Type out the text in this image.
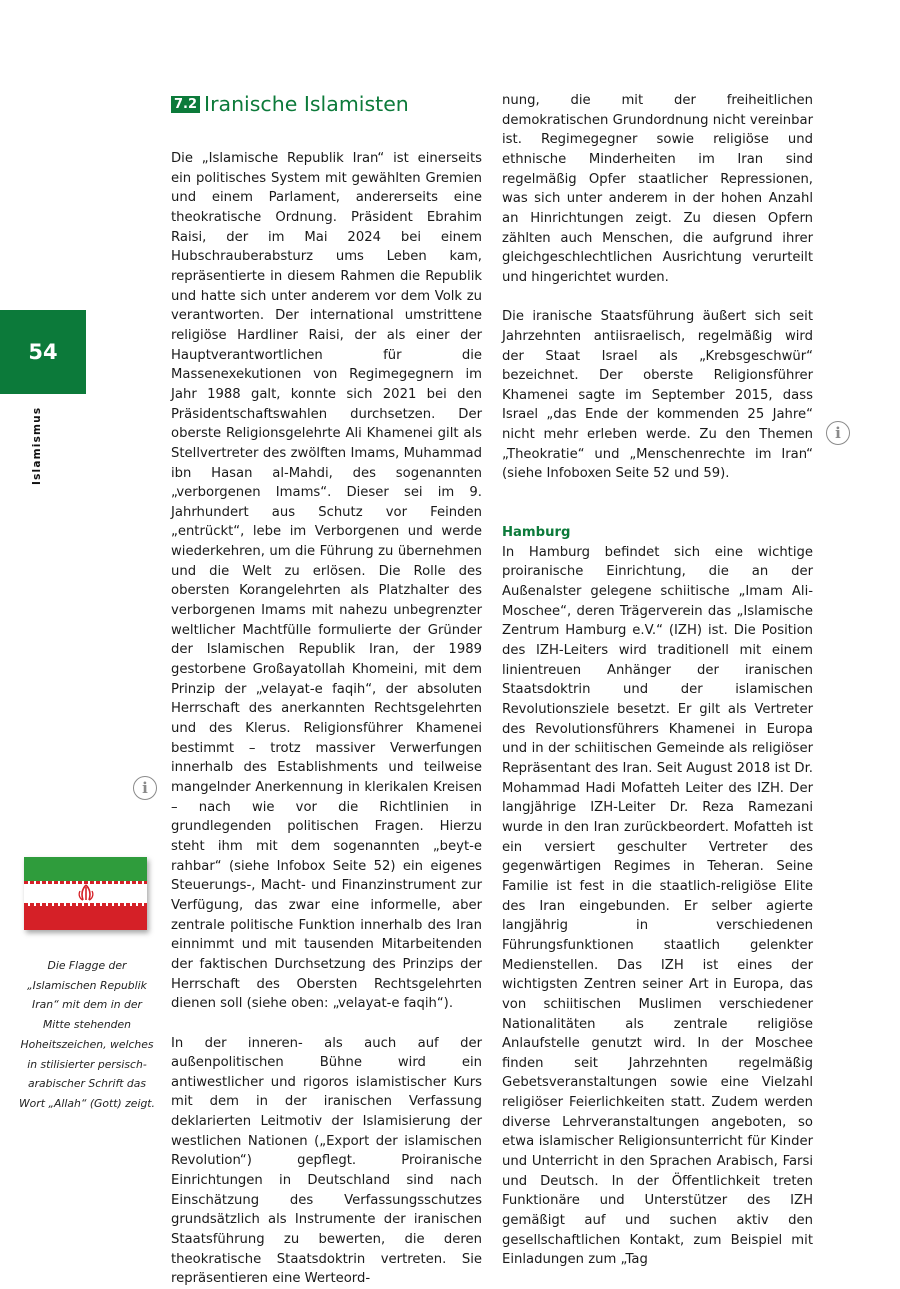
54
Islamismus
7.2 Iranische Islamisten

Die „Islamische Republik Iran“ ist einerseits ein politisches System mit gewählten Gremien und einem Parlament, andererseits eine theokratische Ordnung. Präsident Ebrahim Raisi, der im Mai 2024 bei einem Hubschrauberabsturz ums Leben kam, repräsentierte in diesem Rahmen die Republik und hatte sich unter anderem vor dem Volk zu verantworten. Der international umstrittene religiöse Hardliner Raisi, der als einer der Hauptverantwortlichen für die Massenexekutionen von Regimegegnern im Jahr 1988 galt, konnte sich 2021 bei den Präsidentschaftswahlen durchsetzen. Der oberste Religionsgelehrte Ali Khamenei gilt als Stellvertreter des zwölften Imams, Muhammad ibn Hasan al-Mahdi, des sogenannten „verborgenen Imams“. Dieser sei im 9. Jahrhundert aus Schutz vor Feinden „entrückt“, lebe im Verborgenen und werde wiederkehren, um die Führung zu übernehmen und die Welt zu erlösen. Die Rolle des obersten Korangelehrten als Platzhalter des verborgenen Imams mit nahezu unbegrenzter weltlicher Machtfülle formulierte der Gründer der Islamischen Republik Iran, der 1989 gestorbene Großayatollah Khomeini, mit dem Prinzip der „velayat-e faqih“, der absoluten Herrschaft des anerkannten Rechtsgelehrten und des Klerus. Religionsführer Khamenei bestimmt – trotz massiver Verwerfungen innerhalb des Establishments und teilweise mangelnder Anerkennung in klerikalen Kreisen – nach wie vor die Richtlinien in grundlegenden politischen Fragen. Hierzu steht ihm mit dem sogenannten „beyt-e rahbar“ (siehe Infobox Seite 52) ein eigenes Steuerungs-, Macht- und Finanzinstrument zur Verfügung, das zwar eine informelle, aber zentrale politische Funktion innerhalb des Iran einnimmt und mit tausenden Mitarbeitenden der faktischen Durchsetzung des Prinzips der Herrschaft des Obersten Rechtsgelehrten dienen soll (siehe oben: „velayat-e faqih“).

In der inneren- als auch auf der außenpolitischen Bühne wird ein antiwestlicher und rigoros islamistischer Kurs mit dem in der iranischen Verfassung deklarierten Leitmotiv der Islamisierung der westlichen Nationen („Export der islamischen Revolution“) gepflegt. Proiranische Einrichtungen in Deutschland sind nach Einschätzung des Verfassungsschutzes grundsätzlich als Instrumente der iranischen Staatsführung zu bewerten, die deren theokratische Staatsdoktrin vertreten. Sie repräsentieren eine Werteord-

nung, die mit der freiheitlichen demokratischen Grundordnung nicht vereinbar ist. Regimegegner sowie religiöse und ethnische Minderheiten im Iran sind regelmäßig Opfer staatlicher Repressionen, was sich unter anderem in der hohen Anzahl an Hinrichtungen zeigt. Zu diesen Opfern zählten auch Menschen, die aufgrund ihrer gleichgeschlechtlichen Ausrichtung verurteilt und hingerichtet wurden.

Die iranische Staatsführung äußert sich seit Jahrzehnten antiisraelisch, regelmäßig wird der Staat Israel als „Krebsgeschwür“ bezeichnet. Der oberste Religionsführer Khamenei sagte im September 2015, dass Israel „das Ende der kommenden 25 Jahre“ nicht mehr erleben werde. Zu den Themen „Theokratie“ und „Menschenrechte im Iran“ (siehe Infoboxen Seite 52 und 59).

Hamburg

In Hamburg befindet sich eine wichtige proiranische Einrichtung, die an der Außenalster gelegene schiitische „Imam Ali-Moschee“, deren Trägerverein das „Islamische Zentrum Hamburg e.V.“ (IZH) ist. Die Position des IZH-Leiters wird traditionell mit einem linientreuen Anhänger der iranischen Staatsdoktrin und der islamischen Revolutionsziele besetzt. Er gilt als Vertreter des Revolutionsführers Khamenei in Europa und in der schiitischen Gemeinde als religiöser Repräsentant des Iran. Seit August 2018 ist Dr. Mohammad Hadi Mofatteh Leiter des IZH. Der langjährige IZH-Leiter Dr. Reza Ramezani wurde in den Iran zurückbeordert. Mofatteh ist ein versiert geschulter Vertreter des gegenwärtigen Regimes in Teheran. Seine Familie ist fest in die staatlich-religiöse Elite des Iran eingebunden. Er selber agierte langjährig in verschiedenen Führungsfunktionen staatlich gelenkter Medienstellen. Das IZH ist eines der wichtigsten Zentren seiner Art in Europa, das von schiitischen Muslimen verschiedener Nationalitäten als zentrale religiöse Anlaufstelle genutzt wird. In der Moschee finden seit Jahrzehnten regelmäßig Gebetsveranstaltungen sowie eine Vielzahl religiöser Feierlichkeiten statt. Zudem werden diverse Lehrveranstaltungen angeboten, so etwa islamischer Religionsunterricht für Kinder und Unterricht in den Sprachen Arabisch, Farsi und Deutsch. In der Öffentlichkeit treten Funktionäre und Unterstützer des IZH gemäßigt auf und suchen aktiv den gesellschaftlichen Kontakt, zum Beispiel mit Einladungen zum „Tag

i
i
Die Flagge der „Islamischen Republik Iran“ mit dem in der Mitte stehenden Hoheitszeichen, welches in stilisierter persisch-arabischer Schrift das Wort „Allah“ (Gott) zeigt.
